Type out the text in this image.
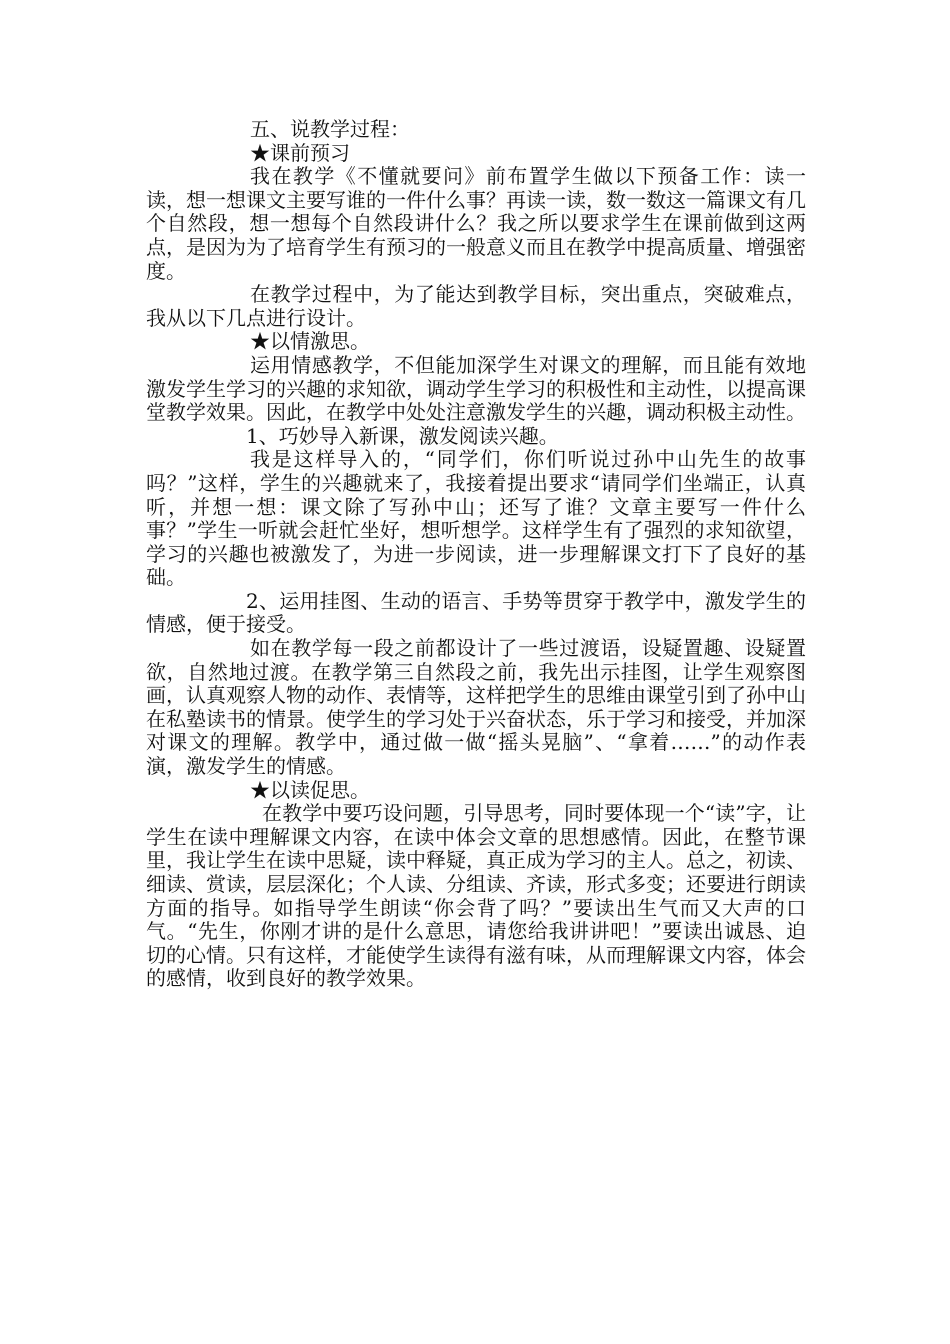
五、说教学过程：
★课前预习

我在教学《不懂就要问》前布置学生做以下预备工作：读一读，想一想课文主要写谁的一件什么事？再读一读，数一数这一篇课文有几个自然段，想一想每个自然段讲什么？我之所以要求学生在课前做到这两点，是因为为了培育学生有预习的一般意义而且在教学中提高质量、增强密度。

在教学过程中，为了能达到教学目标，突出重点，突破难点，我从以下几点进行设计。

★以情激思。

运用情感教学，不但能加深学生对课文的理解，而且能有效地激发学生学习的兴趣的求知欲，调动学生学习的积极性和主动性，以提高课堂教学效果。因此，在教学中处处注意激发学生的兴趣，调动积极主动性。

1、巧妙导入新课，激发阅读兴趣。

我是这样导入的，“同学们，你们听说过孙中山先生的故事吗？”这样，学生的兴趣就来了，我接着提出要求“请同学们坐端正，认真听，并想一想：课文除了写孙中山；还写了谁？文章主要写一件什么事？”学生一听就会赶忙坐好，想听想学。这样学生有了强烈的求知欲望，学习的兴趣也被激发了，为进一步阅读，进一步理解课文打下了良好的基础。

2、运用挂图、生动的语言、手势等贯穿于教学中，激发学生的情感，便于接受。

如在教学每一段之前都设计了一些过渡语，设疑置趣、设疑置欲，自然地过渡。在教学第三自然段之前，我先出示挂图，让学生观察图画，认真观察人物的动作、表情等，这样把学生的思维由课堂引到了孙中山在私塾读书的情景。使学生的学习处于兴奋状态，乐于学习和接受，并加深对课文的理解。教学中，通过做一做“摇头晃脑”、“拿着……”的动作表演，激发学生的情感。

★以读促思。

在教学中要巧设问题，引导思考，同时要体现一个“读”字，让学生在读中理解课文内容，在读中体会文章的思想感情。因此，在整节课里，我让学生在读中思疑，读中释疑，真正成为学习的主人。总之，初读、细读、赏读，层层深化；个人读、分组读、齐读，形式多变；还要进行朗读方面的指导。如指导学生朗读“你会背了吗？”要读出生气而又大声的口气。“先生，你刚才讲的是什么意思，请您给我讲讲吧！”要读出诚恳、迫切的心情。只有这样，才能使学生读得有滋有味，从而理解课文内容，体会的感情，收到良好的教学效果。
